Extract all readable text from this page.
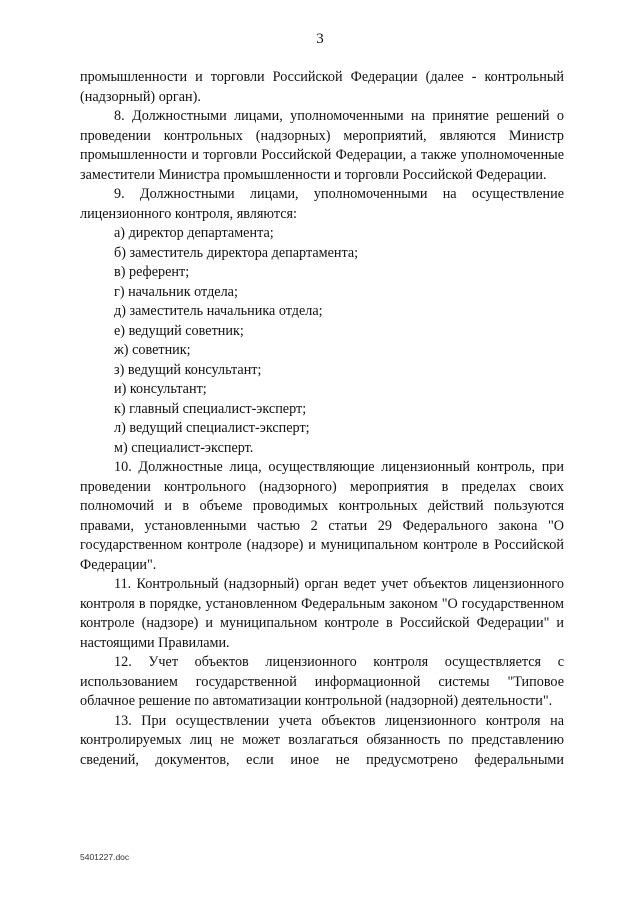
3

промышленности и торговли Российской Федерации (далее - контрольный (надзорный) орган).

8. Должностными лицами, уполномоченными на принятие решений о проведении контрольных (надзорных) мероприятий, являются Министр промышленности и торговли Российской Федерации, а также уполномоченные заместители Министра промышленности и торговли Российской Федерации.

9. Должностными лицами, уполномоченными на осуществление лицензионного контроля, являются:

а) директор департамента;

б) заместитель директора департамента;

в) референт;

г) начальник отдела;

д) заместитель начальника отдела;

е) ведущий советник;

ж) советник;

з) ведущий консультант;

и) консультант;

к) главный специалист-эксперт;

л) ведущий специалист-эксперт;

м) специалист-эксперт.

10. Должностные лица, осуществляющие лицензионный контроль, при проведении контрольного (надзорного) мероприятия в пределах своих полномочий и в объеме проводимых контрольных действий пользуются правами, установленными частью 2 статьи 29 Федерального закона "О государственном контроле (надзоре) и муниципальном контроле в Российской Федерации".

11. Контрольный (надзорный) орган ведет учет объектов лицензионного контроля в порядке, установленном Федеральным законом "О государственном контроле (надзоре) и муниципальном контроле в Российской Федерации" и настоящими Правилами.

12. Учет объектов лицензионного контроля осуществляется с использованием государственной информационной системы "Типовое облачное решение по автоматизации контрольной (надзорной) деятельности".

13. При осуществлении учета объектов лицензионного контроля на контролируемых лиц не может возлагаться обязанность по представлению сведений, документов, если иное не предусмотрено федеральными

5401227.doc
